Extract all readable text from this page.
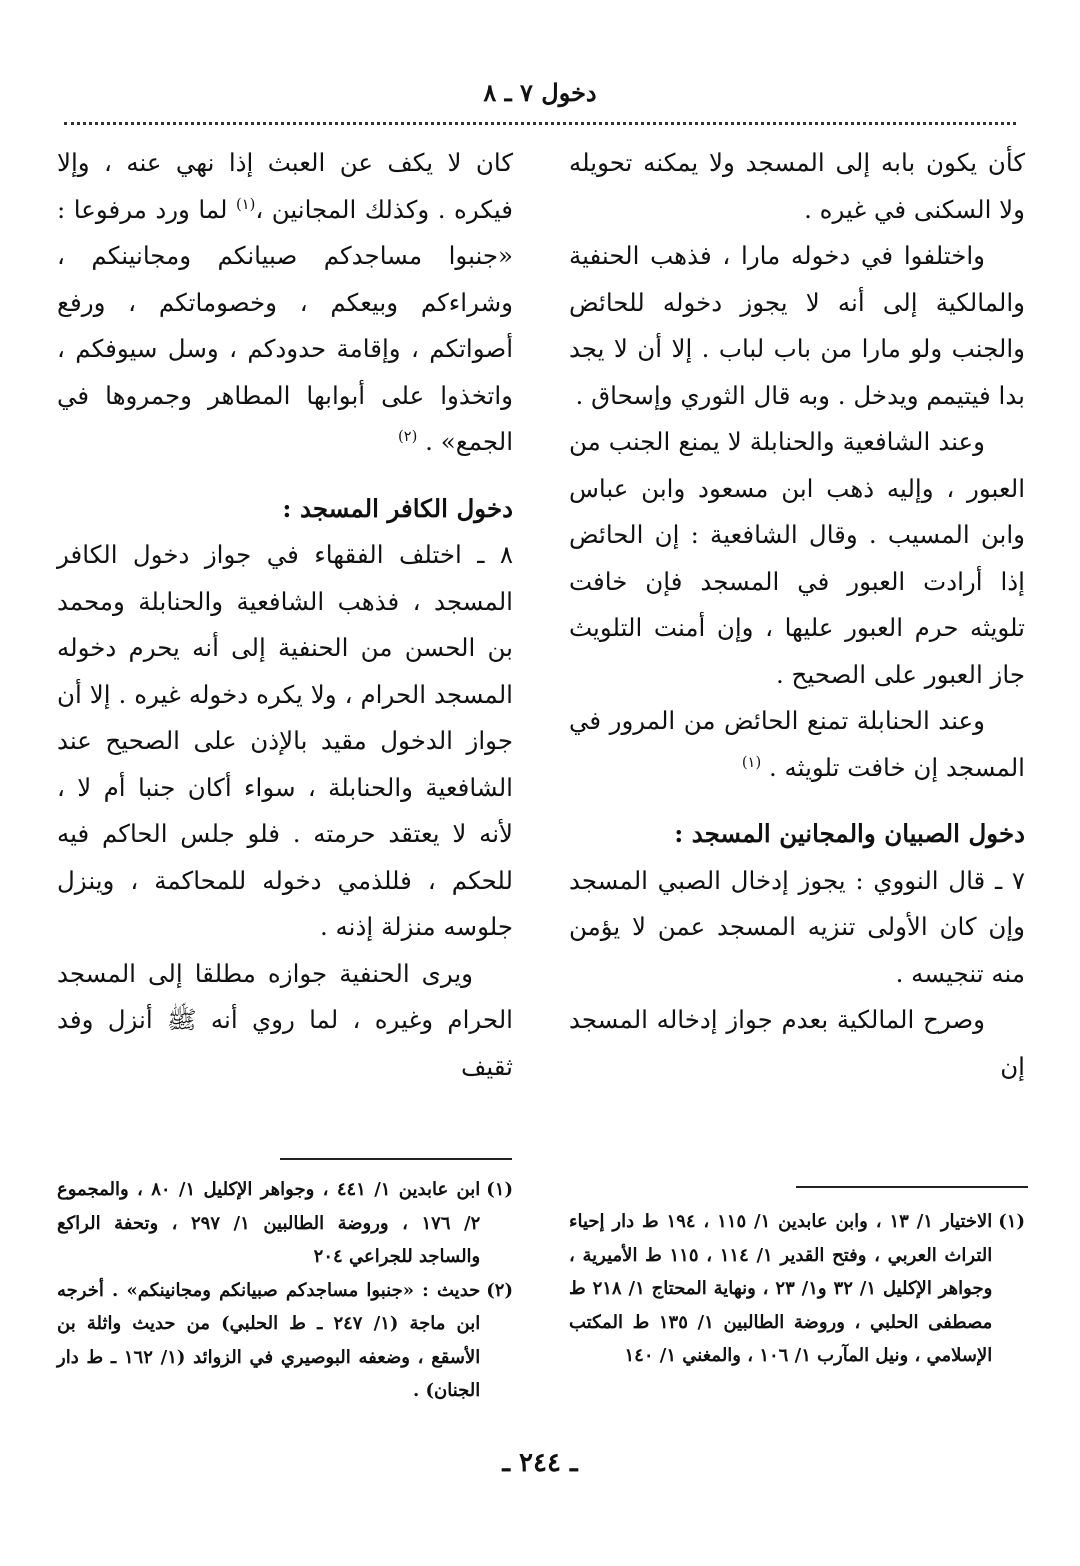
دخول ٧ ـ ٨

كأن يكون بابه إلى المسجد ولا يمكنه تحويله ولا السكنى في غيره .

واختلفوا في دخوله مارا ، فذهب الحنفية والمالكية إلى أنه لا يجوز دخوله للحائض والجنب ولو مارا من باب لباب . إلا أن لا يجد بدا فيتيمم ويدخل . وبه قال الثوري وإسحاق .

وعند الشافعية والحنابلة لا يمنع الجنب من العبور ، وإليه ذهب ابن مسعود وابن عباس وابن المسيب . وقال الشافعية : إن الحائض إذا أرادت العبور في المسجد فإن خافت تلويثه حرم العبور عليها ، وإن أمنت التلويث جاز العبور على الصحيح .

وعند الحنابلة تمنع الحائض من المرور في المسجد إن خافت تلويثه . $^{(١)}$

دخول الصبيان والمجانين المسجد :

٧ ـ قال النووي : يجوز إدخال الصبي المسجد وإن كان الأولى تنزيه المسجد عمن لا يؤمن منه تنجيسه .

وصرح المالكية بعدم جواز إدخاله المسجد إن

كان لا يكف عن العبث إذا نهي عنه ، وإلا فيكره . وكذلك المجانين ،$^{(١)}$ لما ورد مرفوعا : «جنبوا مساجدكم صبيانكم ومجانينكم ، وشراءكم وبيعكم ، وخصوماتكم ، ورفع أصواتكم ، وإقامة حدودكم ، وسل سيوفكم ، واتخذوا على أبوابها المطاهر وجمروها في الجمع» . $^{(٢)}$

دخول الكافر المسجد :

٨ ـ اختلف الفقهاء في جواز دخول الكافر المسجد ، فذهب الشافعية والحنابلة ومحمد بن الحسن من الحنفية إلى أنه يحرم دخوله المسجد الحرام ، ولا يكره دخوله غيره . إلا أن جواز الدخول مقيد بالإذن على الصحيح عند الشافعية والحنابلة ، سواء أكان جنبا أم لا ، لأنه لا يعتقد حرمته . فلو جلس الحاكم فيه للحكم ، فللذمي دخوله للمحاكمة ، وينزل جلوسه منزلة إذنه .

ويرى الحنفية جوازه مطلقا إلى المسجد الحرام وغيره ، لما روي أنه ﷺ أنزل وفد ثقيف

(١)
الاختيار ١/ ١٣ ، وابن عابدين ١/ ١١٥ ، ١٩٤ ط دار إحياء التراث العربي ، وفتح القدير ١/ ١١٤ ، ١١٥ ط الأميرية ، وجواهر الإكليل ١/ ٣٢ و١/ ٢٣ ، ونهاية المحتاج ١/ ٢١٨ ط مصطفى الحلبي ، وروضة الطالبين ١/ ١٣٥ ط المكتب الإسلامي ، ونيل المآرب ١/ ١٠٦ ، والمغني ١/ ١٤٠
(١)
ابن عابدين ١/ ٤٤١ ، وجواهر الإكليل ١/ ٨٠ ، والمجموع ٢/ ١٧٦ ، وروضة الطالبين ١/ ٢٩٧ ، وتحفة الراكع والساجد للجراعي ٢٠٤
(٢)
حديث : «جنبوا مساجدكم صبيانكم ومجانينكم» . أخرجه ابن ماجة (١/ ٢٤٧ ـ ط الحلبي) من حديث واثلة بن الأسقع ، وضعفه البوصيري في الزوائد (١/ ١٦٢ ـ ط دار الجنان) .
ـ ٢٤٤ ـ
